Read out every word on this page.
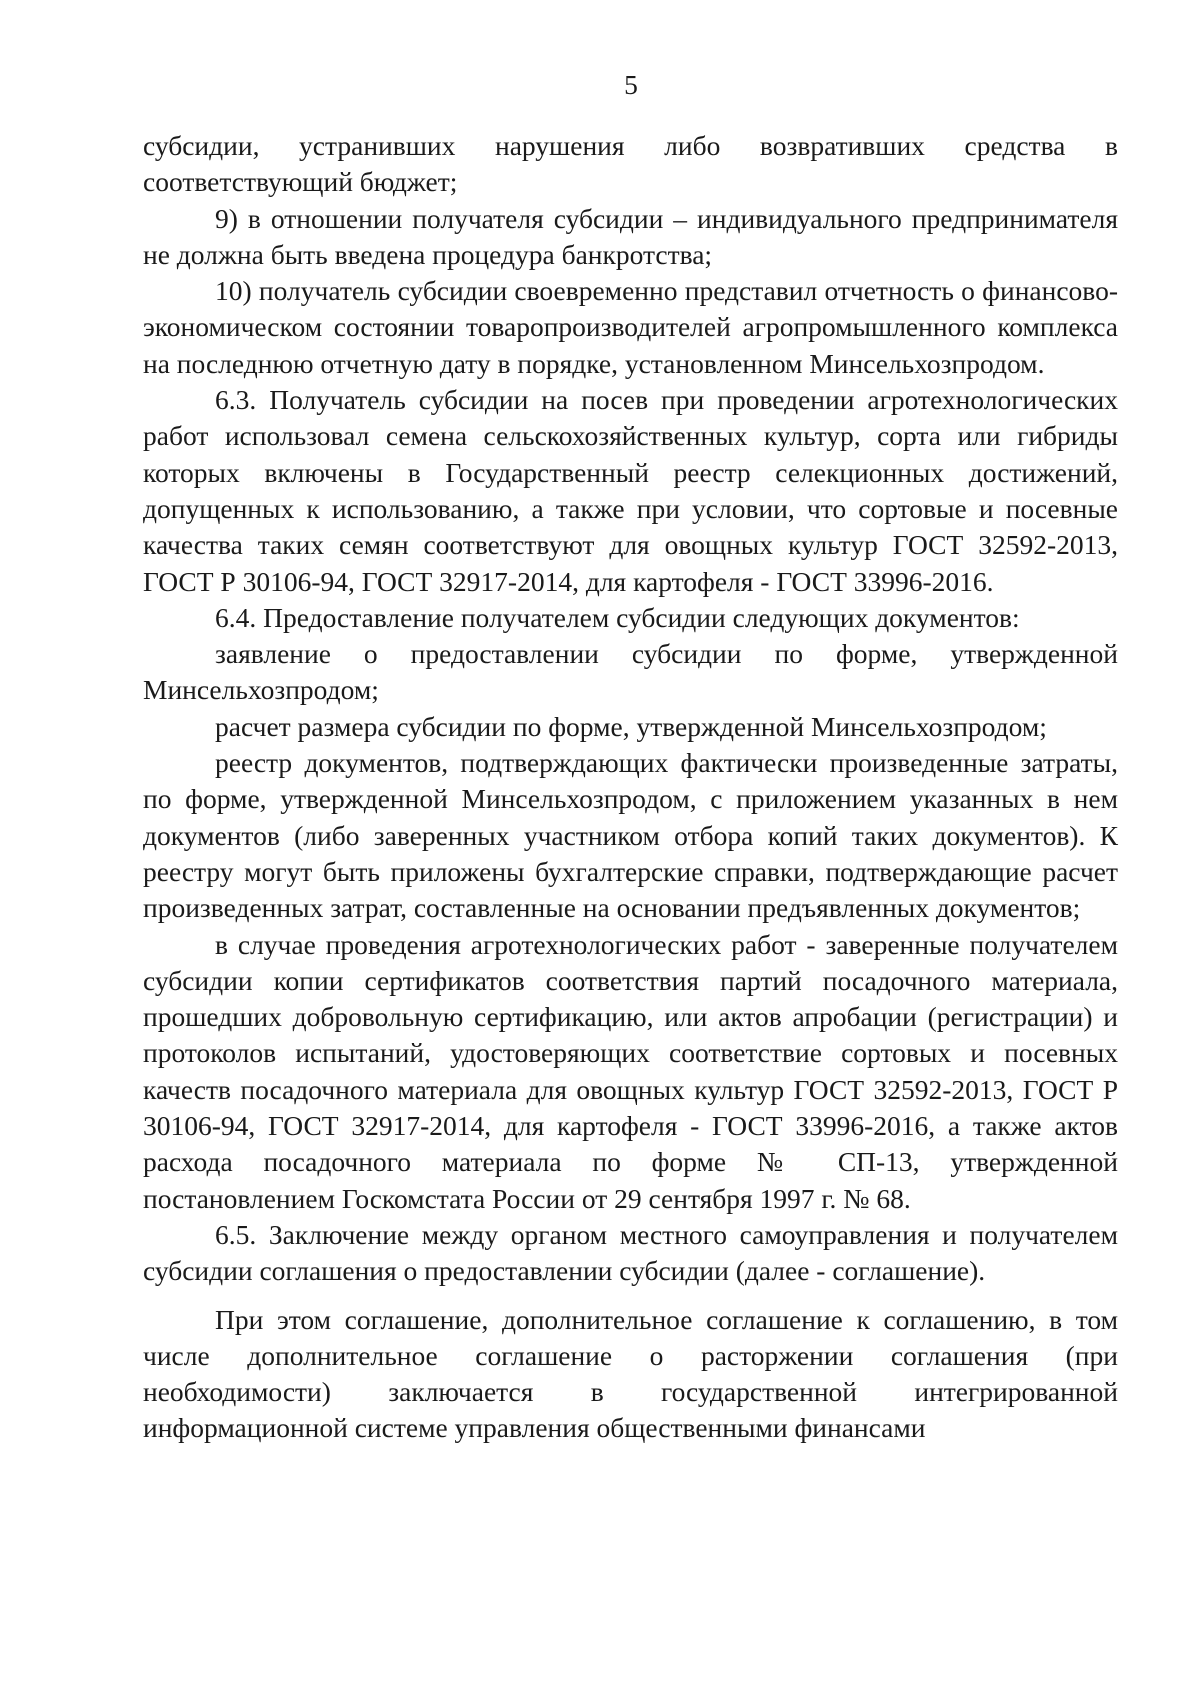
5

субсидии, устранивших нарушения либо возвративших средства в соответствующий бюджет;

9) в отношении получателя субсидии – индивидуального предпринимателя не должна быть введена процедура банкротства;

10) получатель субсидии своевременно представил отчетность о финансово-экономическом состоянии товаропроизводителей агропромышленного комплекса на последнюю отчетную дату в порядке, установленном Минсельхозпродом.

6.3. Получатель субсидии на посев при проведении агротехнологических работ использовал семена сельскохозяйственных культур, сорта или гибриды которых включены в Государственный реестр селекционных достижений, допущенных к использованию, а также при условии, что сортовые и посевные качества таких семян соответствуют для овощных культур ГОСТ 32592-2013, ГОСТ Р 30106-94, ГОСТ 32917-2014, для картофеля - ГОСТ 33996-2016.

6.4. Предоставление получателем субсидии следующих документов:

заявление о предоставлении субсидии по форме, утвержденной Минсельхозпродом;

расчет размера субсидии по форме, утвержденной Минсельхозпродом;

реестр документов, подтверждающих фактически произведенные затраты, по форме, утвержденной Минсельхозпродом, с приложением указанных в нем документов (либо заверенных участником отбора копий таких документов). К реестру могут быть приложены бухгалтерские справки, подтверждающие расчет произведенных затрат, составленные на основании предъявленных документов;

в случае проведения агротехнологических работ - заверенные получателем субсидии копии сертификатов соответствия партий посадочного материала, прошедших добровольную сертификацию, или актов апробации (регистрации) и протоколов испытаний, удостоверяющих соответствие сортовых и посевных качеств посадочного материала для овощных культур ГОСТ 32592-2013, ГОСТ Р 30106-94, ГОСТ 32917-2014, для картофеля - ГОСТ 33996-2016, а также актов расхода посадочного материала по форме № СП-13, утвержденной постановлением Госкомстата России от 29 сентября 1997 г. № 68.

6.5. Заключение между органом местного самоуправления и получателем субсидии соглашения о предоставлении субсидии (далее - соглашение).

При этом соглашение, дополнительное соглашение к соглашению, в том числе дополнительное соглашение о расторжении соглашения (при необходимости) заключается в государственной интегрированной информационной системе управления общественными финансами
